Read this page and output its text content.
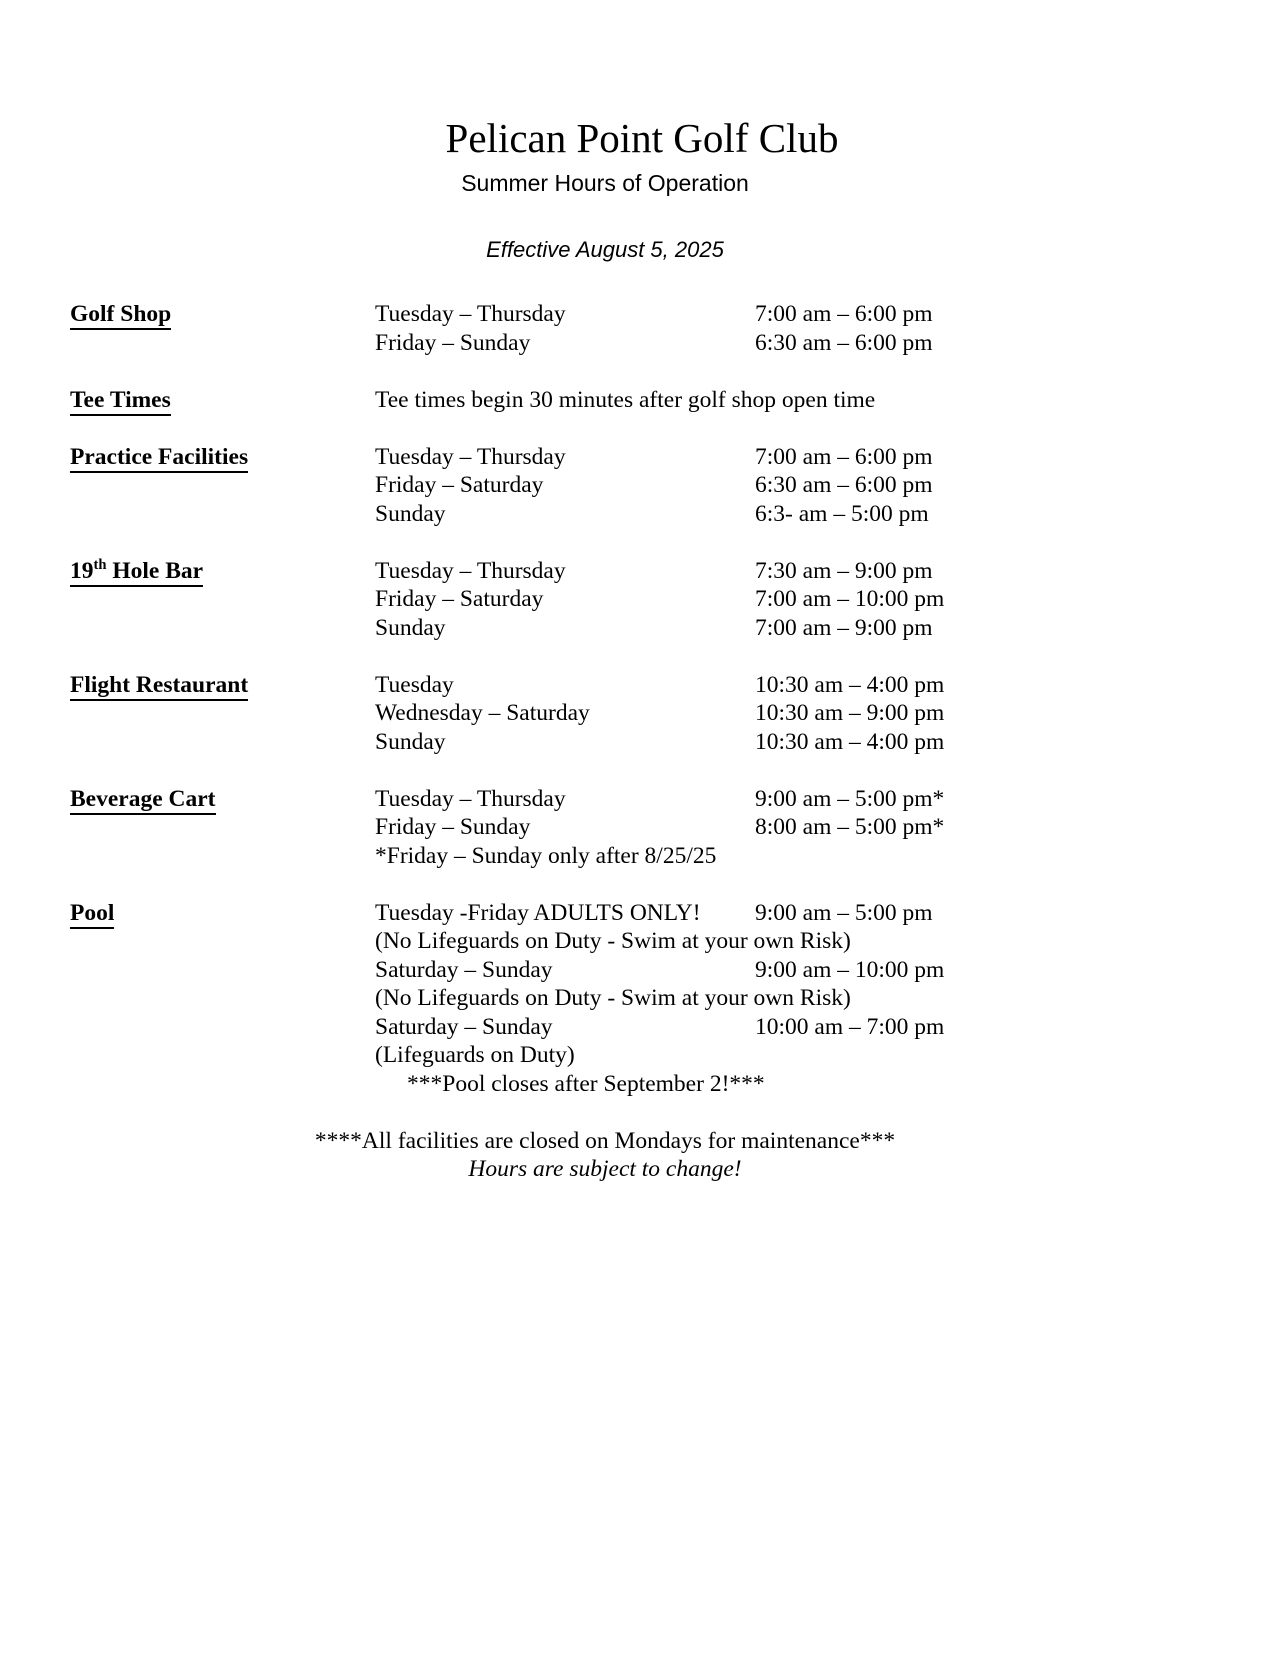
Pelican Point Golf Club
Summer Hours of Operation
Effective August 5, 2025
Golf Shop	Tuesday – Thursday	7:00 am – 6:00 pm
Friday – Sunday	6:30 am – 6:00 pm
Tee Times	Tee times begin 30 minutes after golf shop open time
Practice Facilities	Tuesday – Thursday	7:00 am – 6:00 pm
Friday – Saturday	6:30 am – 6:00 pm
Sunday	6:3- am – 5:00 pm
19th Hole Bar	Tuesday – Thursday	7:30 am – 9:00 pm
Friday – Saturday	7:00 am – 10:00 pm
Sunday	7:00 am – 9:00 pm
Flight Restaurant	Tuesday	10:30 am – 4:00 pm
Wednesday – Saturday	10:30 am – 9:00 pm
Sunday	10:30 am – 4:00 pm
Beverage Cart	Tuesday – Thursday	9:00 am – 5:00 pm*
Friday – Sunday	8:00 am – 5:00 pm*
*Friday – Sunday only after 8/25/25
Pool	Tuesday -Friday ADULTS ONLY!	9:00 am – 5:00 pm
(No Lifeguards on Duty - Swim at your own Risk)
Saturday – Sunday	9:00 am – 10:00 pm
(No Lifeguards on Duty - Swim at your own Risk)
Saturday – Sunday	10:00 am – 7:00 pm
(Lifeguards on Duty)
***Pool closes after September 2!***
****All facilities are closed on Mondays for maintenance***
Hours are subject to change!
